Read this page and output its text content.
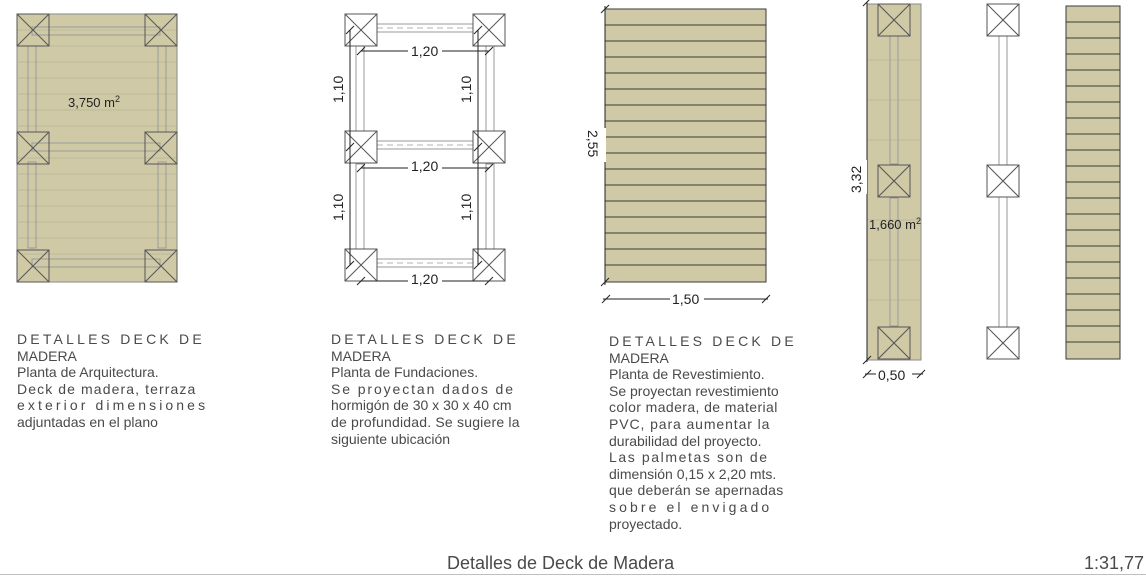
3,750 $m^2$
1,20
1,20
1,20
1,10
1,10
1,10
1,10
2,55
1,50
3,32
0,50
1,660 $m^2$
DETALLES DECK DE
MADERA
Planta de Arquitectura.
Deck de madera, terraza
exterior dimensiones
adjuntadas en el plano
DETALLES DECK DE
MADERA
Planta de Fundaciones.
Se proyectan dados de
hormigón de 30 x 30 x 40 cm
de profundidad. Se sugiere la
siguiente ubicación
DETALLES DECK DE
MADERA
Planta de Revestimiento.
Se proyectan revestimiento
color madera, de material
PVC, para aumentar la
durabilidad del proyecto.
Las palmetas son de
dimensión 0,15 x 2,20 mts.
que deberán se apernadas
sobre el envigado
proyectado.
Detalles de Deck de Madera	1:31,77
